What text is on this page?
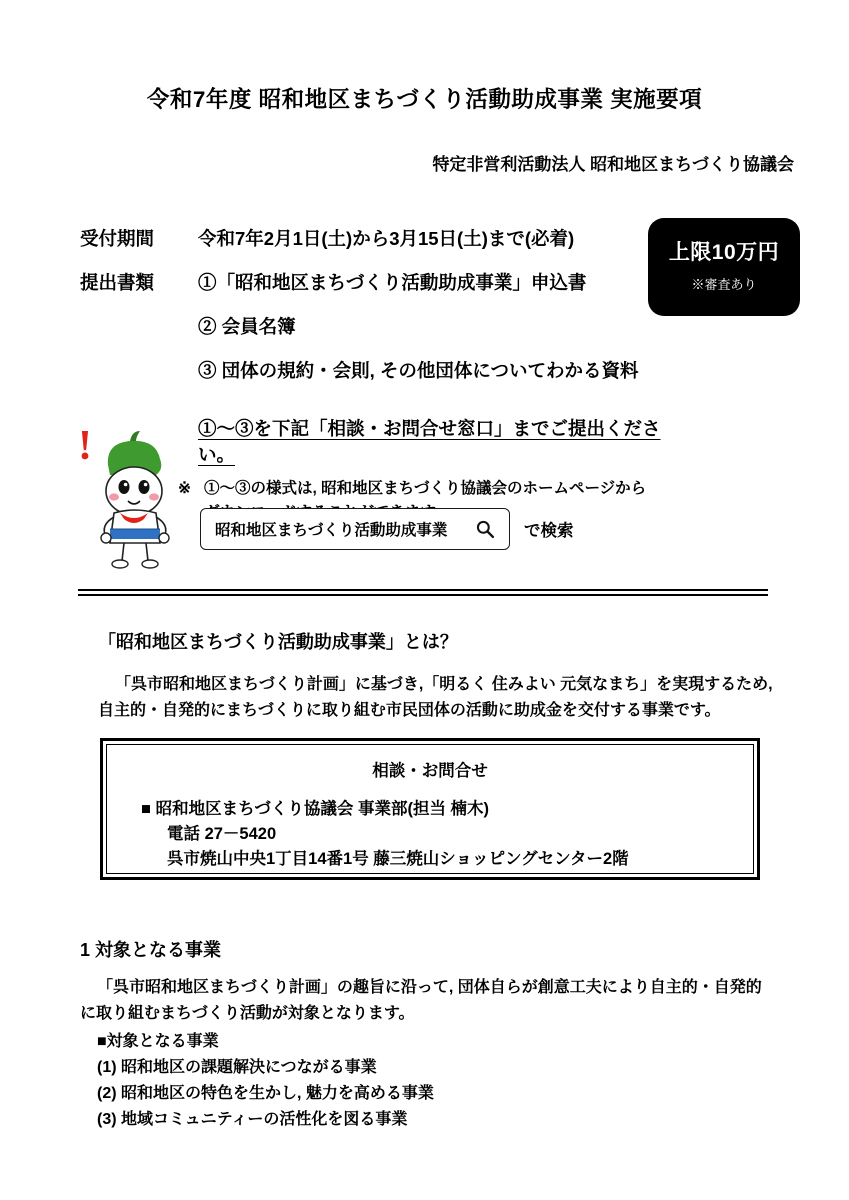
令和7年度 昭和地区まちづくり活動助成事業 実施要項
特定非営利活動法人 昭和地区まちづくり協議会
上限10万円
※審査あり
受付期間	令和7年2月1日(土)から3月15日(土)まで(必着)
提出書類	①「昭和地区まちづくり活動助成事業」申込書
② 会員名簿
③ 団体の規約・会則, その他団体についてわかる資料
①～③を下記「相談・お問合せ窓口」までご提出ください。
※ ①～③の様式は, 昭和地区まちづくり協議会のホームページから
!
昭和地区まちづくり活動助成事業	で検索
「昭和地区まちづくり活動助成事業」とは？
「呉市昭和地区まちづくり計画」に基づき,「明るく 住みよい 元気なまち」を実現するため,
自主的・自発的にまちづくりに取り組む市民団体の活動に助成金を交付する事業です。
相談・お問合せ
■ 昭和地区まちづくり協議会 事業部(担当 楠木)
電話 27－5420
呉市焼山中央1丁目14番1号 藤三焼山ショッピングセンター2階
1 対象となる事業
「呉市昭和地区まちづくり計画」の趣旨に沿って, 団体自らが創意工夫により自主的・自発的
に取り組むまちづくり活動が対象となります。
■対象となる事業
(1) 昭和地区の課題解決につながる事業
(2) 昭和地区の特色を生かし, 魅力を高める事業
(3) 地域コミュニティーの活性化を図る事業
